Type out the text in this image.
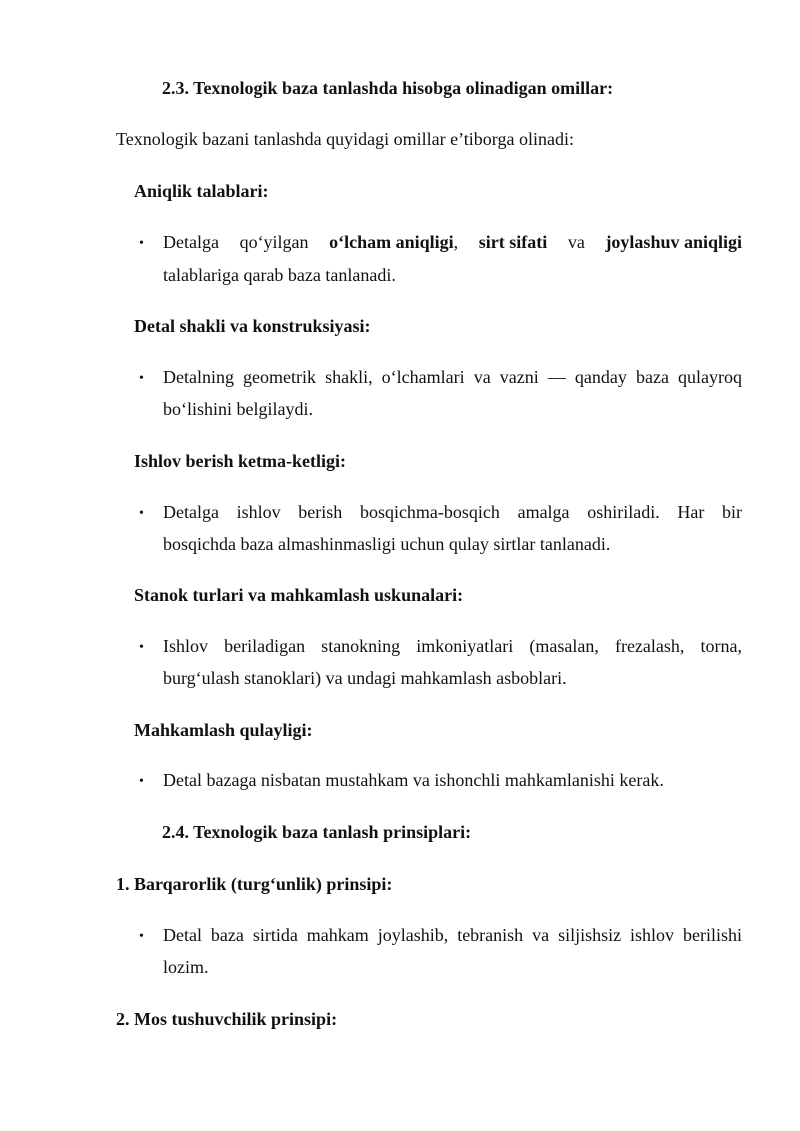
2.3. Texnologik baza tanlashda hisobga olinadigan omillar:
Texnologik bazani tanlashda quyidagi omillar e’tiborga olinadi:
Aniqlik talablari:
• Detalga qo‘yilgan o‘lcham aniqligi, sirt sifati va joylashuv aniqligi
talablariga qarab baza tanlanadi.
Detal shakli va konstruksiyasi:
• Detalning geometrik shakli, o‘lchamlari va vazni — qanday baza qulayroq
bo‘lishini belgilaydi.
Ishlov berish ketma-ketligi:
• Detalga ishlov berish bosqichma-bosqich amalga oshiriladi. Har bir
bosqichda baza almashinmasligi uchun qulay sirtlar tanlanadi.
Stanok turlari va mahkamlash uskunalari:
• Ishlov beriladigan stanokning imkoniyatlari (masalan, frezalash, torna,
burg‘ulash stanoklari) va undagi mahkamlash asboblari.
Mahkamlash qulayligi:
• Detal bazaga nisbatan mustahkam va ishonchli mahkamlanishi kerak.
2.4. Texnologik baza tanlash prinsiplari:
1. Barqarorlik (turg‘unlik) prinsipi:
• Detal baza sirtida mahkam joylashib, tebranish va siljishsiz ishlov berilishi
lozim.
2. Mos tushuvchilik prinsipi:
